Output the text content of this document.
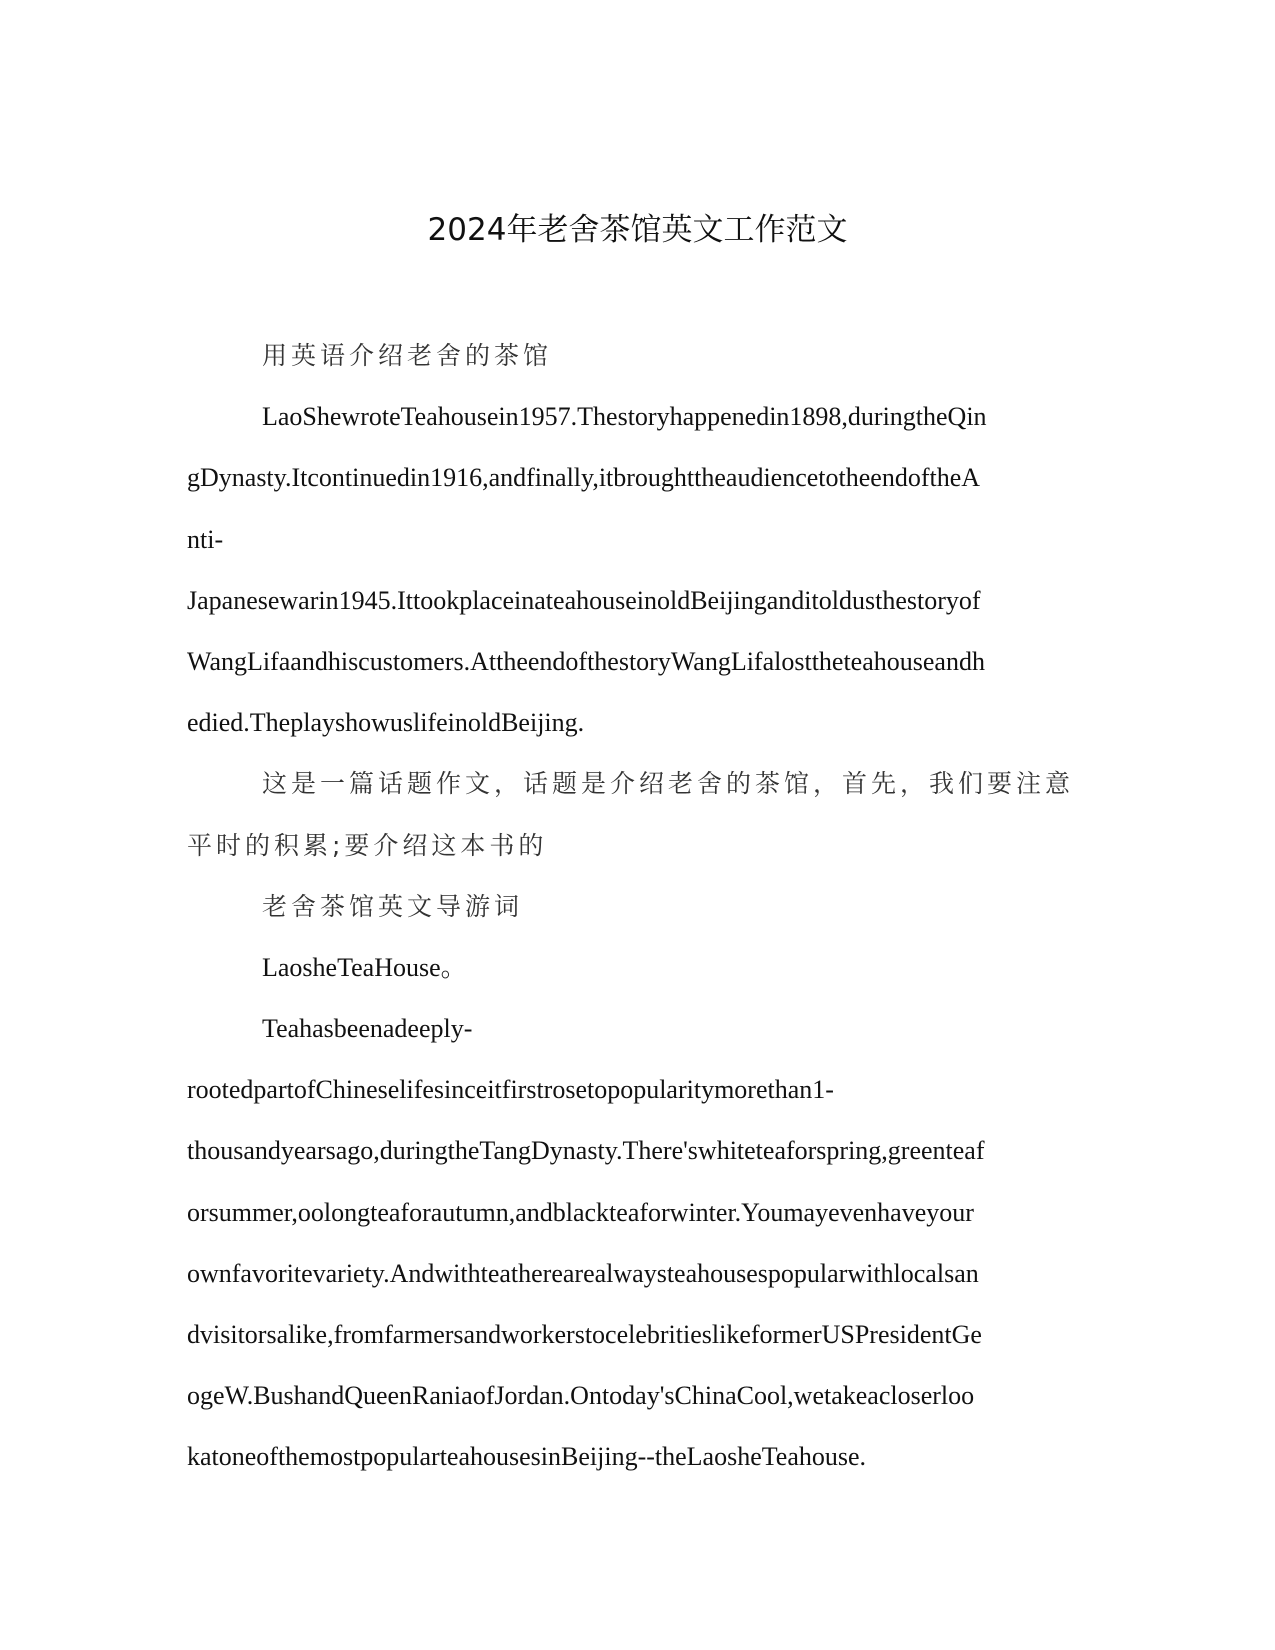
2024年老舍茶馆英文工作范文
用英语介绍老舍的茶馆
LaoShewroteTeahousein1957.Thestoryhappenedin1898,duringtheQin
gDynasty.Itcontinuedin1916,andfinally,itbroughttheaudiencetotheendoftheA
nti-
Japanesewarin1945.IttookplaceinateahouseinoldBeijinganditoldusthestoryof
WangLifaandhiscustomers.AttheendofthestoryWangLifalosttheteahouseandh
edied.TheplayshowuslifeinoldBeijing.
这是一篇话题作文，话题是介绍老舍的茶馆，首先，我们要注意
平时的积累;要介绍这本书的
老舍茶馆英文导游词
LaosheTeaHouse。
Teahasbeenadeeply-
rootedpartofChineselifesinceitfirstrosetopopularitymorethan1-
thousandyearsago,duringtheTangDynasty.There'swhiteteaforspring,greenteaf
orsummer,oolongteaforautumn,andblackteaforwinter.Youmayevenhaveyour
ownfavoritevariety.Andwithteatherearealwaysteahousespopularwithlocalsan
dvisitorsalike,fromfarmersandworkerstocelebritieslikeformerUSPresidentGe
ogeW.BushandQueenRaniaofJordan.Ontoday'sChinaCool,wetakeacloserloo
katoneofthemostpopularteahousesinBeijing--theLaosheTeahouse.
